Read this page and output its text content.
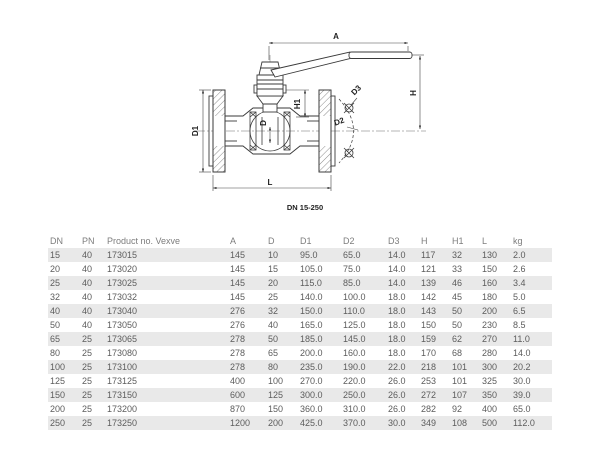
A
H
H1
D1
D	D2
D3
L
DN 15-250
DN	PN	Product no. Vexve	A	D	D1	D2	D3	H	H1	L	kg
15	40	173015	145	10	95.0	65.0	14.0	117	32	130	2.0
20	40	173020	145	15	105.0	75.0	14.0	121	33	150	2.6
25	40	173025	145	20	115.0	85.0	14.0	139	46	160	3.4
32	40	173032	145	25	140.0	100.0	18.0	142	45	180	5.0
40	40	173040	276	32	150.0	110.0	18.0	143	50	200	6.5
50	40	173050	276	40	165.0	125.0	18.0	150	50	230	8.5
65	25	173065	278	50	185.0	145.0	18.0	159	62	270	11.0
80	25	173080	278	65	200.0	160.0	18.0	170	68	280	14.0
100	25	173100	278	80	235.0	190.0	22.0	218	101	300	20.2
125	25	173125	400	100	270.0	220.0	26.0	253	101	325	30.0
150	25	173150	600	125	300.0	250.0	26.0	272	107	350	39.0
200	25	173200	870	150	360.0	310.0	26.0	282	92	400	65.0
250	25	173250	1200	200	425.0	370.0	30.0	349	108	500	112.0
